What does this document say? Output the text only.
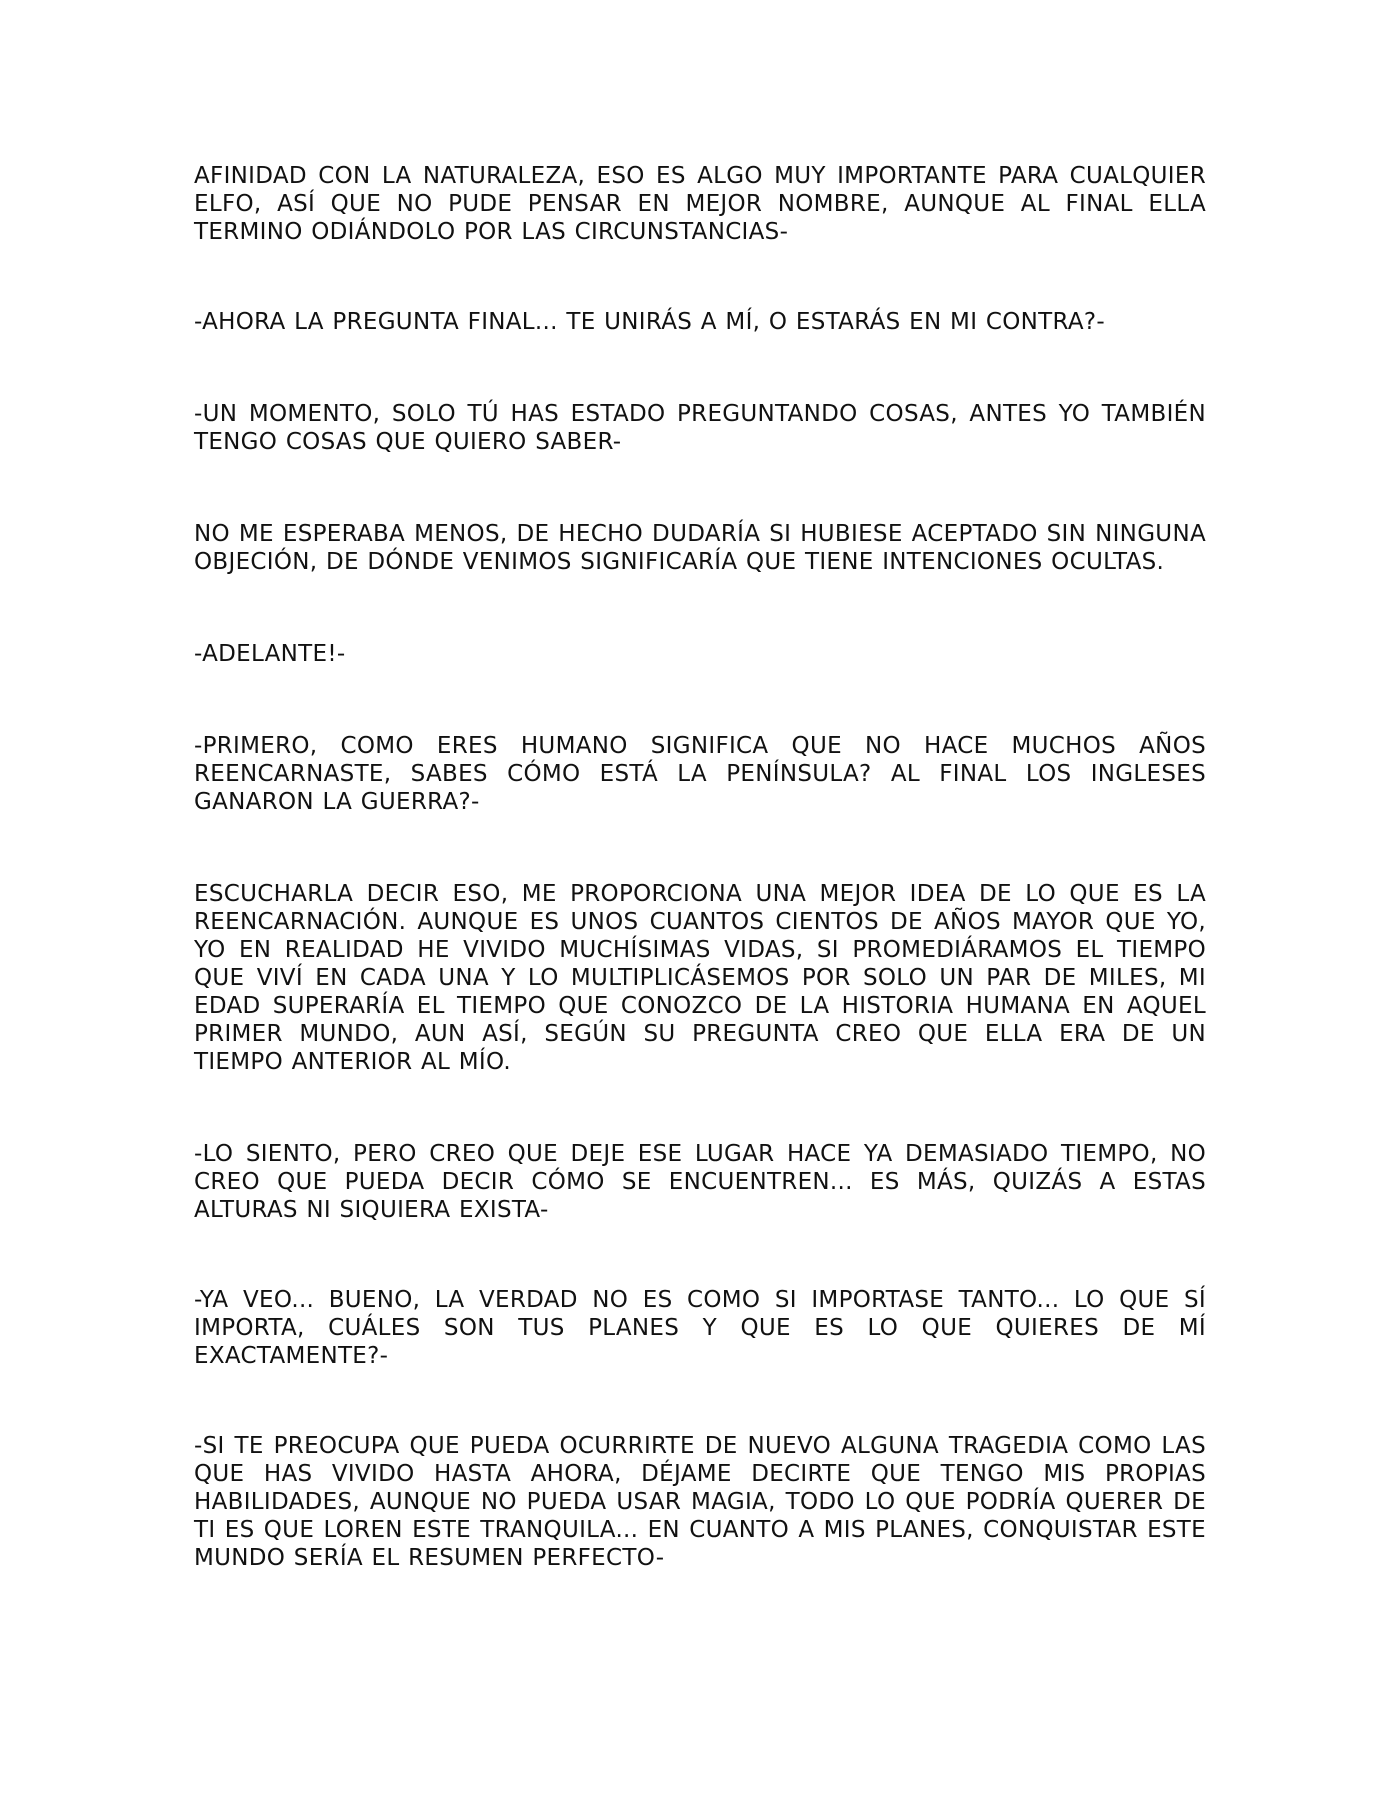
AFINIDAD CON LA NATURALEZA, ESO ES ALGO MUY IMPORTANTE PARA CUALQUIER ELFO, ASÍ QUE NO PUDE PENSAR EN MEJOR NOMBRE, AUNQUE AL FINAL ELLA TERMINO ODIÁNDOLO POR LAS CIRCUNSTANCIAS-

-AHORA LA PREGUNTA FINAL... TE UNIRÁS A MÍ, O ESTARÁS EN MI CONTRA?-

-UN MOMENTO, SOLO TÚ HAS ESTADO PREGUNTANDO COSAS, ANTES YO TAMBIÉN TENGO COSAS QUE QUIERO SABER-

NO ME ESPERABA MENOS, DE HECHO DUDARÍA SI HUBIESE ACEPTADO SIN NINGUNA OBJECIÓN, DE DÓNDE VENIMOS SIGNIFICARÍA QUE TIENE INTENCIONES OCULTAS.

-ADELANTE!-

-PRIMERO, COMO ERES HUMANO SIGNIFICA QUE NO HACE MUCHOS AÑOS REENCARNASTE, SABES CÓMO ESTÁ LA PENÍNSULA? AL FINAL LOS INGLESES GANARON LA GUERRA?-

ESCUCHARLA DECIR ESO, ME PROPORCIONA UNA MEJOR IDEA DE LO QUE ES LA REENCARNACIÓN. AUNQUE ES UNOS CUANTOS CIENTOS DE AÑOS MAYOR QUE YO, YO EN REALIDAD HE VIVIDO MUCHÍSIMAS VIDAS, SI PROMEDIÁRAMOS EL TIEMPO QUE VIVÍ EN CADA UNA Y LO MULTIPLICÁSEMOS POR SOLO UN PAR DE MILES, MI EDAD SUPERARÍA EL TIEMPO QUE CONOZCO DE LA HISTORIA HUMANA EN AQUEL PRIMER MUNDO, AUN ASÍ, SEGÚN SU PREGUNTA CREO QUE ELLA ERA DE UN TIEMPO ANTERIOR AL MÍO.

-LO SIENTO, PERO CREO QUE DEJE ESE LUGAR HACE YA DEMASIADO TIEMPO, NO CREO QUE PUEDA DECIR CÓMO SE ENCUENTREN... ES MÁS, QUIZÁS A ESTAS ALTURAS NI SIQUIERA EXISTA-

-YA VEO... BUENO, LA VERDAD NO ES COMO SI IMPORTASE TANTO... LO QUE SÍ IMPORTA, CUÁLES SON TUS PLANES Y QUE ES LO QUE QUIERES DE MÍ EXACTAMENTE?-

-SI TE PREOCUPA QUE PUEDA OCURRIRTE DE NUEVO ALGUNA TRAGEDIA COMO LAS QUE HAS VIVIDO HASTA AHORA, DÉJAME DECIRTE QUE TENGO MIS PROPIAS HABILIDADES, AUNQUE NO PUEDA USAR MAGIA, TODO LO QUE PODRÍA QUERER DE TI ES QUE LOREN ESTE TRANQUILA... EN CUANTO A MIS PLANES, CONQUISTAR ESTE MUNDO SERÍA EL RESUMEN PERFECTO-
